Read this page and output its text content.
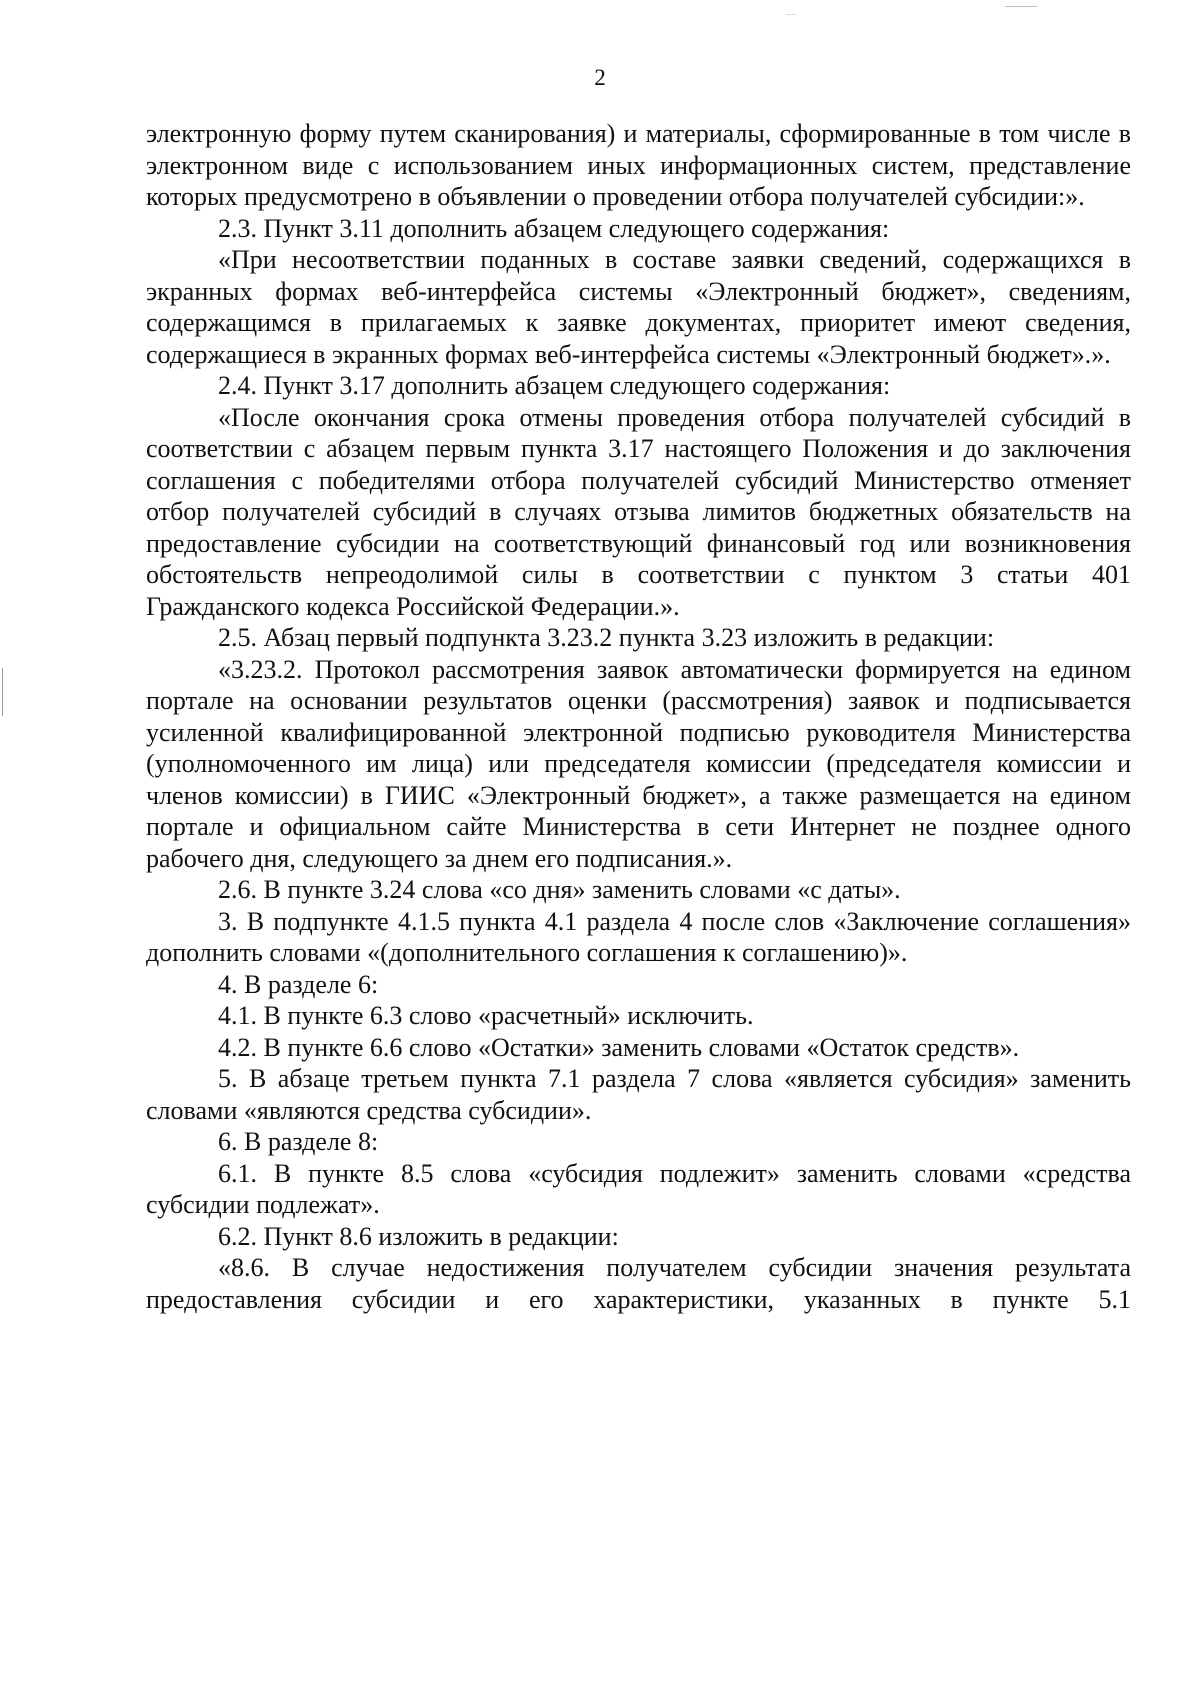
2

электронную форму путем сканирования) и материалы, сформированные в том числе в электронном виде с использованием иных информационных систем, представление которых предусмотрено в объявлении о проведении отбора получателей субсидии:».

2.3. Пункт 3.11 дополнить абзацем следующего содержания:

«При несоответствии поданных в составе заявки сведений, содержащихся в экранных формах веб-интерфейса системы «Электронный бюджет», сведениям, содержащимся в прилагаемых к заявке документах, приоритет имеют сведения, содержащиеся в экранных формах веб-интерфейса системы «Электронный бюджет».».

2.4. Пункт 3.17 дополнить абзацем следующего содержания:

«После окончания срока отмены проведения отбора получателей субсидий в соответствии с абзацем первым пункта 3.17 настоящего Положения и до заключения соглашения с победителями отбора получателей субсидий Министерство отменяет отбор получателей субсидий в случаях отзыва лимитов бюджетных обязательств на предоставление субсидии на соответствующий финансовый год или возникновения обстоятельств непреодолимой силы в соответствии с пунктом 3 статьи 401 Гражданского кодекса Российской Федерации.».

2.5. Абзац первый подпункта 3.23.2 пункта 3.23 изложить в редакции:

«3.23.2. Протокол рассмотрения заявок автоматически формируется на едином портале на основании результатов оценки (рассмотрения) заявок и подписывается усиленной квалифицированной электронной подписью руководителя Министерства (уполномоченного им лица) или председателя комиссии (председателя комиссии и членов комиссии) в ГИИС «Электронный бюджет», а также размещается на едином портале и официальном сайте Министерства в сети Интернет не позднее одного рабочего дня, следующего за днем его подписания.».

2.6. В пункте 3.24 слова «со дня» заменить словами «с даты».

3. В подпункте 4.1.5 пункта 4.1 раздела 4 после слов «Заключение соглашения» дополнить словами «(дополнительного соглашения к соглашению)».

4. В разделе 6:

4.1. В пункте 6.3 слово «расчетный» исключить.

4.2. В пункте 6.6 слово «Остатки» заменить словами «Остаток средств».

5. В абзаце третьем пункта 7.1 раздела 7 слова «является субсидия» заменить словами «являются средства субсидии».

6. В разделе 8:

6.1. В пункте 8.5 слова «субсидия подлежит» заменить словами «средства субсидии подлежат».

6.2. Пункт 8.6 изложить в редакции:

«8.6. В случае недостижения получателем субсидии значения результата предоставления субсидии и его характеристики, указанных в пункте 5.1
